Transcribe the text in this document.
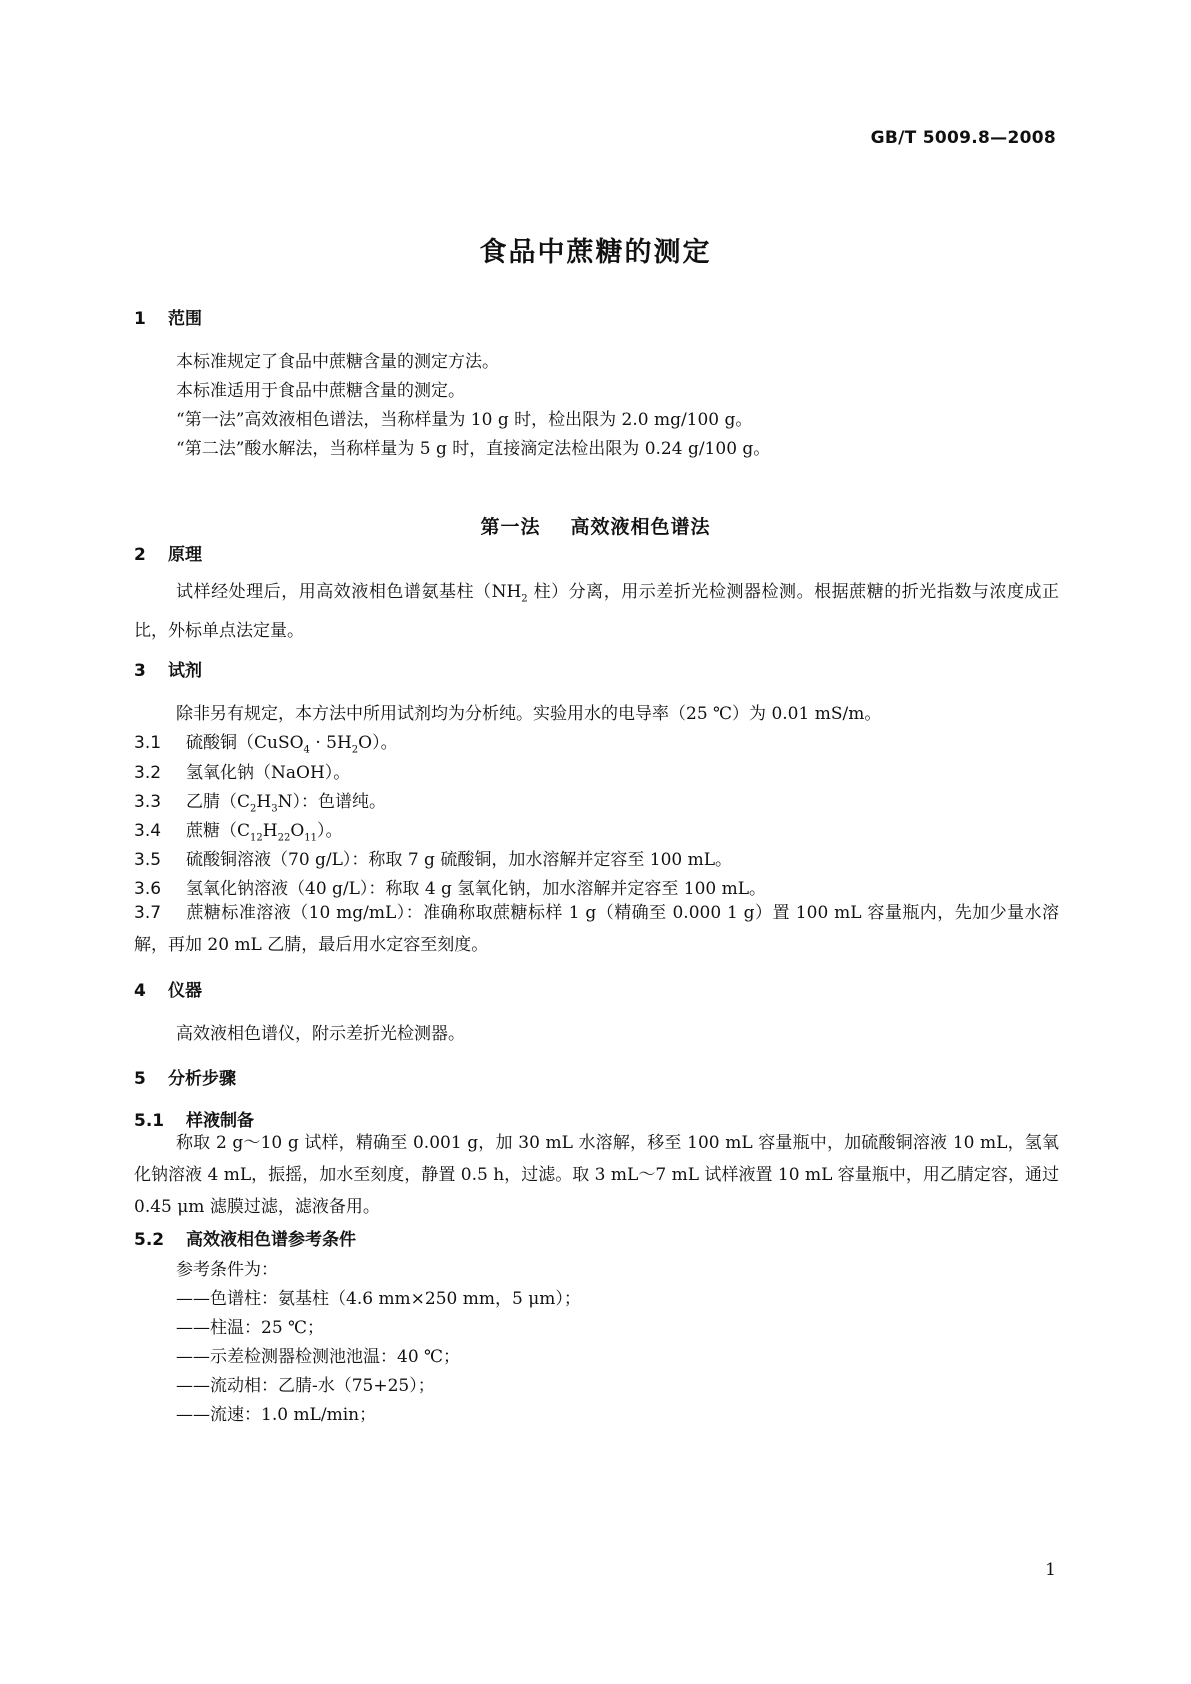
GB/T 5009.8—2008
食品中蔗糖的测定
1 范围
本标准规定了食品中蔗糖含量的测定方法。
本标准适用于食品中蔗糖含量的测定。
“第一法”高效液相色谱法，当称样量为 10 g 时，检出限为 2.0 mg/100 g。
“第二法”酸水解法，当称样量为 5 g 时，直接滴定法检出限为 0.24 g/100 g。
第一法 高效液相色谱法
2 原理
试样经处理后，用高效液相色谱氨基柱（$NH_2$ 柱）分离，用示差折光检测器检测。根据蔗糖的折光指数与浓度成正比，外标单点法定量。
3 试剂
除非另有规定，本方法中所用试剂均为分析纯。实验用水的电导率（25 ℃）为 0.01 mS/m。
3.1 硫酸铜（CuSO$_4$ · $5H_2O$）。
3.2 氢氧化钠（NaOH）。
3.3 乙腈$(C_2H_3N)$：色谱纯。
3.4 蔗糖$(C_{12}H_{22}O_{11})$。
3.5 硫酸铜溶液（70 g/L）：称取 7 g 硫酸铜，加水溶解并定容至 100 mL。
3.6 氢氧化钠溶液（40 g/L）：称取 4 g 氢氧化钠，加水溶解并定容至 100 mL。
3.7 蔗糖标准溶液（10 mg/mL）：准确称取蔗糖标样 1 g（精确至 0.000 1 g）置 100 mL 容量瓶内，先加少量水溶解，再加 20 mL 乙腈，最后用水定容至刻度。
4 仪器
高效液相色谱仪，附示差折光检测器。
5 分析步骤
5.1 样液制备
称取 2 g～10 g 试样，精确至 0.001 g，加 30 mL 水溶解，移至 100 mL 容量瓶中，加硫酸铜溶液 10 mL，氢氧化钠溶液 4 mL，振摇，加水至刻度，静置 0.5 h，过滤。取 3 mL～7 mL 试样液置 10 mL 容量瓶中，用乙腈定容，通过 0.45 μm 滤膜过滤，滤液备用。
5.2 高效液相色谱参考条件
参考条件为：
——色谱柱：氨基柱（4.6 mm×250 mm，5 μm）；
——柱温：25 ℃；
——示差检测器检测池池温：40 ℃；
——流动相：乙腈-水（75+25）；
——流速：1.0 mL/min；
1
